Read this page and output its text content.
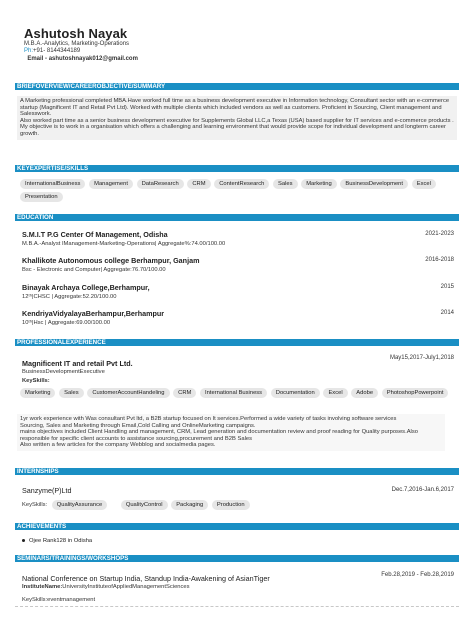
Ashutosh Nayak
M.B.A.-Analytics, Marketing-Operations
Ph:+91- 8144344189
Email - ashutoshnayak012@gmail.com
BRIEFOVERVIEW/CAREEROBJECTIVE/SUMMARY
A Marketing professional completed MBA.Have worked full time as a business development executive in Information technology, Consultant sector with an e-commerce startup (Magnificent IT and Retail Pvt Ltd). Worked with multiple clients which included vendors as well as customers. Proficient in Sourcing, Client management and Salesswork.
Also worked part time as a senior business development executive for Supplements Global LLC,a Texas (USA) based supplier for IT services and e-commerce products .
My objective is to work in a organisation which offers a challenging and learning environment that would provide scope for individual development and longterm career growth.
KEYEXPERTISE/SKILLS
InternationalBusiness Management DataResearch CRM ContentResearch Sales Marketing BusinessDevelopment Excel Presentation
EDUCATION
S.M.I.T P.G Center Of Management, Odisha
M.B.A.-Analyst IManagement-Marketing-Operations| Aggregate%:74.00/100.00
2021-2023
Khallikote Autonomous college Berhampur, Ganjam
Bsc - Electronic and Computer| Aggregate:76.70/100.00
2016-2018
Binayak Archaya College,Berhampur,
12ᵗʰ|CHSC | Aggregate:52.20/100.00
2015
KendriyaVidyalayaBerhampur,Berhampur
10ᵗʰ|Hsc | Aggregate:69.00/100.00
2014
PROFESSIONALEXPERIENCE
Magnificent IT and retail Pvt Ltd.
May15,2017-July1,2018
BusinessDevelopmentExecutive
KeySkills:
Marketing Sales CustomerAccountHandeling CRM International Business Documentation Excel Adobe PhotoshopPowerpoint
1yr work experience with Was consultant Pvt ltd, a B2B startup focused on It services.Performed a wide variety of tasks involving software services
Sourcing, Sales and Marketing through Email,Cold Calling and OnlineMarketing campaigns.
mains objectives included Client Handling and management, CRM, Lead generation and documentation review and proof reading for Quality purposes.Also responsible for specific client accounts to assistance sourcing,procurement and B2B Sales
Also written a few articles for the company Webblog and socialmedia pages.
INTERNSHIPS
Sanzyme(P)Ltd	Dec.7,2016-Jan.6,2017
KeySkills: QualityAssurance	QualityControl Packaging Production
ACHIEVEMENTS
Ojee Rank128 in Odisha
SEMINARS/TRAININGS/WORKSHOPS
National Conference on Startup India, Standup India-Awakening of AsianTiger	Feb.28,2019 - Feb.28,2019
InstituteName:UniversityInstituteofAppliedManagementSciences
KeySkills:eventmanagement
